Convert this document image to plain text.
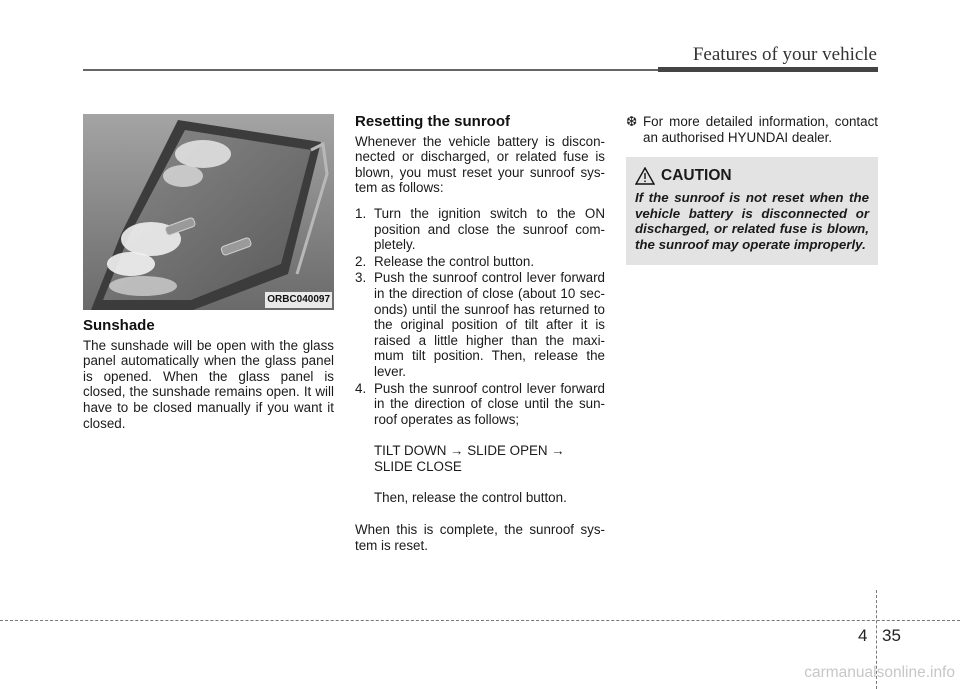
Features of your vehicle
ORBC040097
Sunshade

The sunshade will be open with the glass panel automatically when the glass panel is opened. When the glass panel is closed, the sunshade remains open. It will have to be closed manually if you want it closed.

Resetting the sunroof

Whenever the vehicle battery is discon-nected or discharged, or related fuse is blown, you must reset your sunroof sys-tem as follows:

1. Turn the ignition switch to the ON position and close the sunroof com-pletely.
2. Release the control button.
3. Push the sunroof control lever forward in the direction of close (about 10 sec-onds) until the sunroof has returned to the original position of tilt after it is raised a little higher than the maxi-mum tilt position. Then, release the lever.
4. Push the sunroof control lever forward in the direction of close until the sun-roof operates as follows;
TILT DOWN → SLIDE OPEN →
SLIDE CLOSE
Then, release the control button.

When this is complete, the sunroof sys-tem is reset.

❆ For more detailed information, contact an authorised HYUNDAI dealer.
CAUTION
If the sunroof is not reset when the vehicle battery is disconnected or discharged, or related fuse is blown, the sunroof may operate improperly.
4 35
carmanualsonline.info
